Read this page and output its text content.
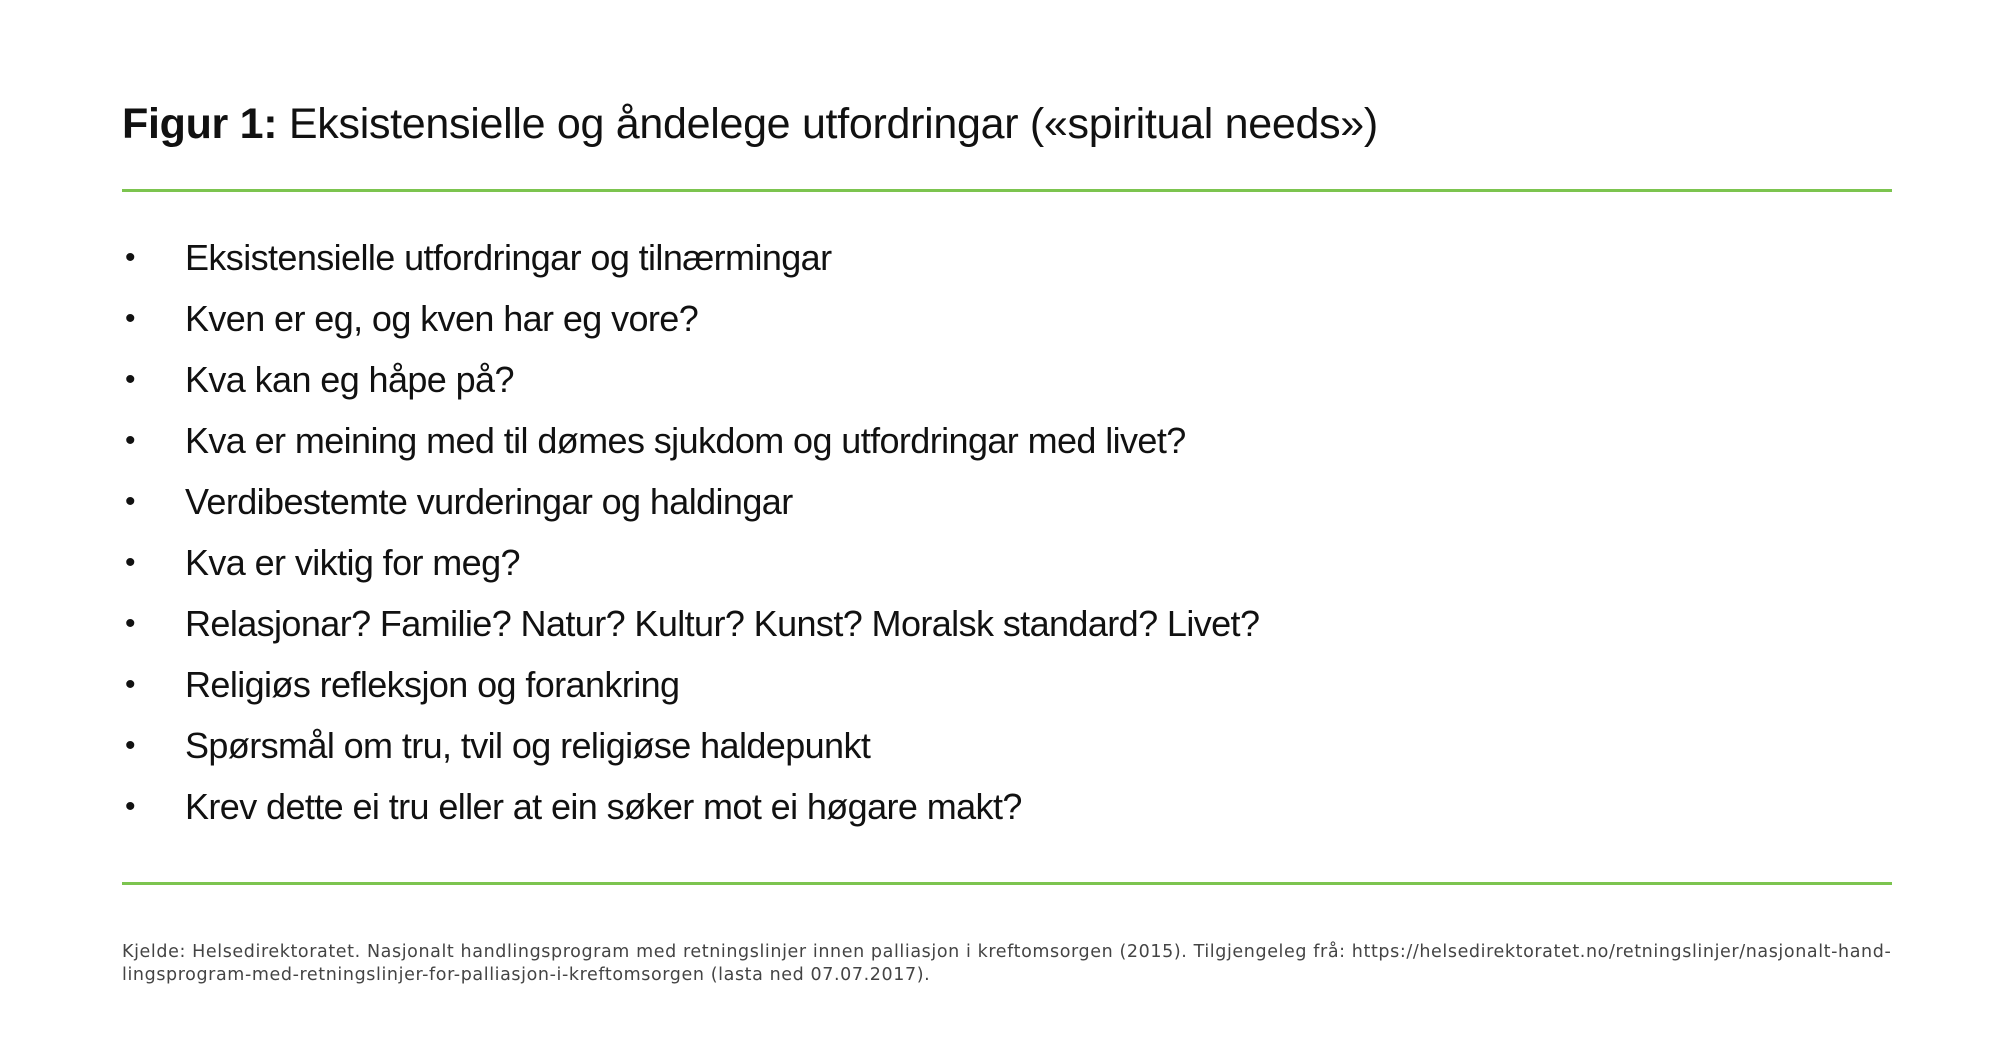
Figur 1: Eksistensielle og åndelege utfordringar («spiritual needs»)
•	Eksistensielle utfordringar og tilnærmingar
•	Kven er eg, og kven har eg vore?
•	Kva kan eg håpe på?
•	Kva er meining med til dømes sjukdom og utfordringar med livet?
•	Verdibestemte vurderingar og haldingar
•	Kva er viktig for meg?
•	Relasjonar? Familie? Natur? Kultur? Kunst? Moralsk standard? Livet?
•	Religiøs refleksjon og forankring
•	Spørsmål om tru, tvil og religiøse haldepunkt
•	Krev dette ei tru eller at ein søker mot ei høgare makt?

Kjelde: Helsedirektoratet. Nasjonalt handlingsprogram med retningslinjer innen palliasjon i kreftomsorgen (2015). Tilgjengeleg frå: https://helsedirektoratet.no/retningslinjer/nasjonalt-hand-
lingsprogram-med-retningslinjer-for-palliasjon-i-kreftomsorgen (lasta ned 07.07.2017).
